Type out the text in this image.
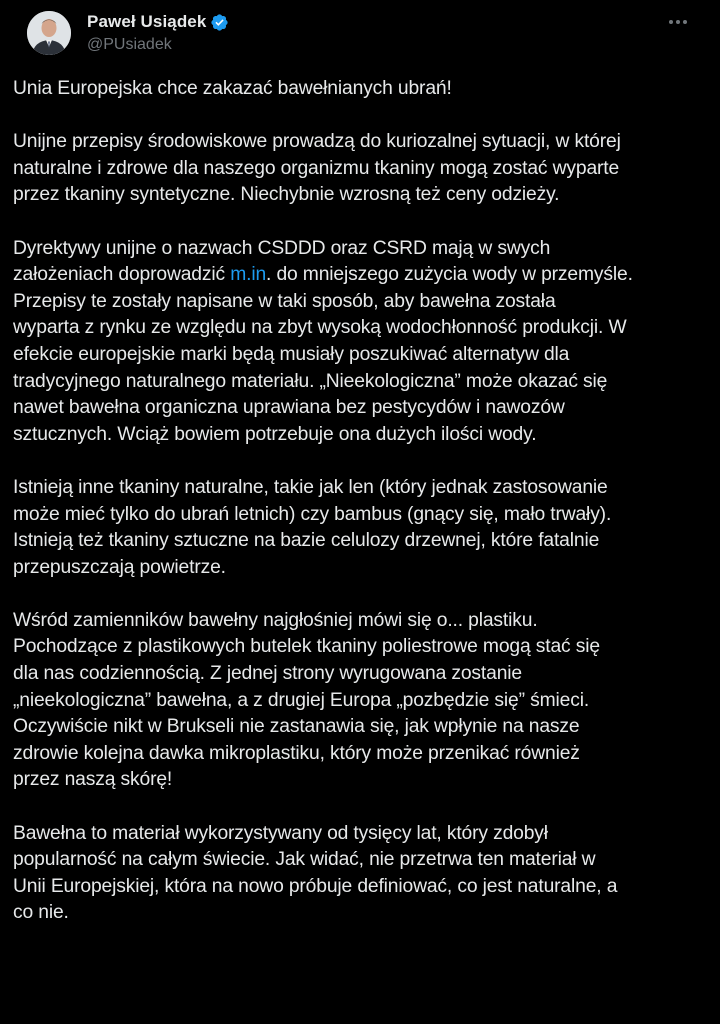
Paweł Usiądek
@PUsiadek

Unia Europejska chce zakazać bawełnianych ubrań!

Unijne przepisy środowiskowe prowadzą do kuriozalnej sytuacji, w której
naturalne i zdrowe dla naszego organizmu tkaniny mogą zostać wyparte
przez tkaniny syntetyczne. Niechybnie wzrosną też ceny odzieży.

Dyrektywy unijne o nazwach CSDDD oraz CSRD mają w swych
założeniach doprowadzić m.in. do mniejszego zużycia wody w przemyśle.
Przepisy te zostały napisane w taki sposób, aby bawełna została
wyparta z rynku ze względu na zbyt wysoką wodochłonność produkcji. W
efekcie europejskie marki będą musiały poszukiwać alternatyw dla
tradycyjnego naturalnego materiału. „Nieekologiczna” może okazać się
nawet bawełna organiczna uprawiana bez pestycydów i nawozów
sztucznych. Wciąż bowiem potrzebuje ona dużych ilości wody.

Istnieją inne tkaniny naturalne, takie jak len (który jednak zastosowanie
może mieć tylko do ubrań letnich) czy bambus (gnący się, mało trwały).
Istnieją też tkaniny sztuczne na bazie celulozy drzewnej, które fatalnie
przepuszczają powietrze.

Wśród zamienników bawełny najgłośniej mówi się o... plastiku.
Pochodzące z plastikowych butelek tkaniny poliestrowe mogą stać się
dla nas codziennością. Z jednej strony wyrugowana zostanie
„nieekologiczna” bawełna, a z drugiej Europa „pozbędzie się” śmieci.
Oczywiście nikt w Brukseli nie zastanawia się, jak wpłynie na nasze
zdrowie kolejna dawka mikroplastiku, który może przenikać również
przez naszą skórę!

Bawełna to materiał wykorzystywany od tysięcy lat, który zdobył
popularność na całym świecie. Jak widać, nie przetrwa ten materiał w
Unii Europejskiej, która na nowo próbuje definiować, co jest naturalne, a
co nie.
